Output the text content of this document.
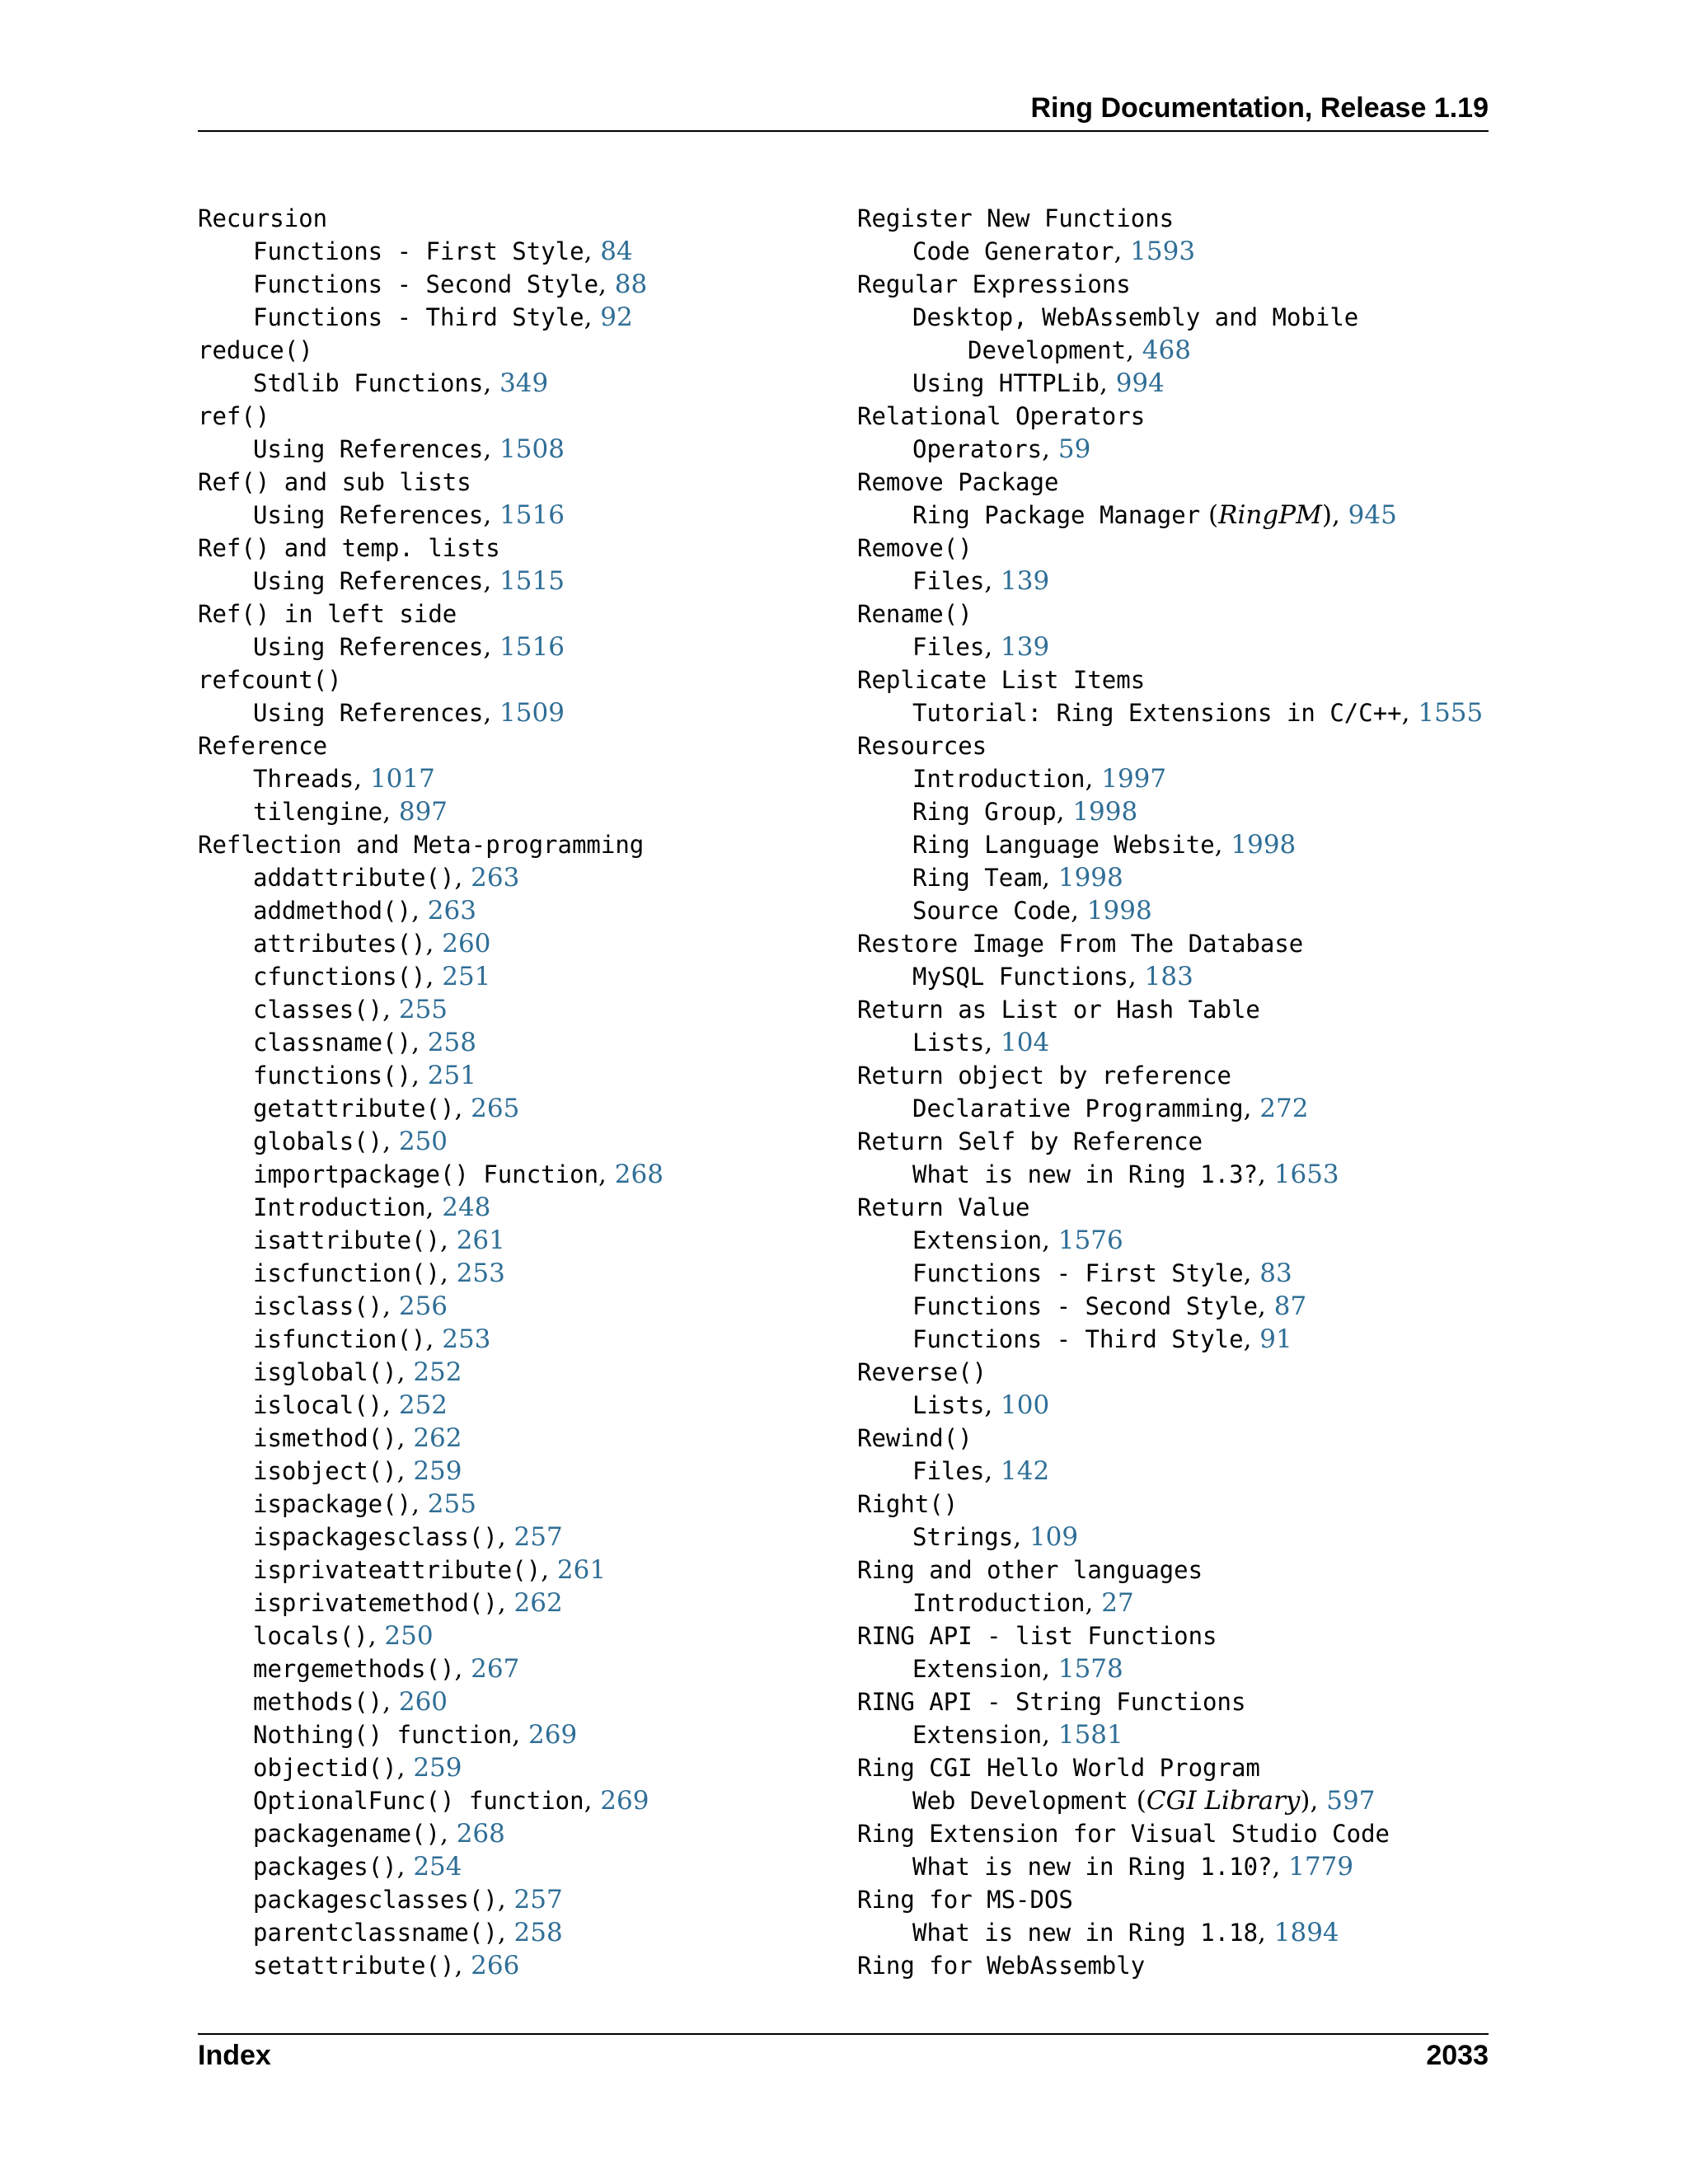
Ring Documentation, Release 1.19
Recursion
Functions - First Style, 84
Functions - Second Style, 88
Functions - Third Style, 92
reduce()
Stdlib Functions, 349
ref()
Using References, 1508
Ref() and sub lists
Using References, 1516
Ref() and temp. lists
Using References, 1515
Ref() in left side
Using References, 1516
refcount()
Using References, 1509
Reference
Threads, 1017
tilengine, 897
Reflection and Meta-programming
addattribute(), 263
addmethod(), 263
attributes(), 260
cfunctions(), 251
classes(), 255
classname(), 258
functions(), 251
getattribute(), 265
globals(), 250
importpackage() Function, 268
Introduction, 248
isattribute(), 261
iscfunction(), 253
isclass(), 256
isfunction(), 253
isglobal(), 252
islocal(), 252
ismethod(), 262
isobject(), 259
ispackage(), 255
ispackagesclass(), 257
isprivateattribute(), 261
isprivatemethod(), 262
locals(), 250
mergemethods(), 267
methods(), 260
Nothing() function, 269
objectid(), 259
OptionalFunc() function, 269
packagename(), 268
packages(), 254
packagesclasses(), 257
parentclassname(), 258
setattribute(), 266
Register New Functions
Code Generator, 1593
Regular Expressions
Desktop, WebAssembly and Mobile
Development, 468
Using HTTPLib, 994
Relational Operators
Operators, 59
Remove Package
Ring Package Manager (RingPM), 945
Remove()
Files, 139
Rename()
Files, 139
Replicate List Items
Tutorial: Ring Extensions in C/C++, 1555
Resources
Introduction, 1997
Ring Group, 1998
Ring Language Website, 1998
Ring Team, 1998
Source Code, 1998
Restore Image From The Database
MySQL Functions, 183
Return as List or Hash Table
Lists, 104
Return object by reference
Declarative Programming, 272
Return Self by Reference
What is new in Ring 1.3?, 1653
Return Value
Extension, 1576
Functions - First Style, 83
Functions - Second Style, 87
Functions - Third Style, 91
Reverse()
Lists, 100
Rewind()
Files, 142
Right()
Strings, 109
Ring and other languages
Introduction, 27
RING API - list Functions
Extension, 1578
RING API - String Functions
Extension, 1581
Ring CGI Hello World Program
Web Development (CGI Library), 597
Ring Extension for Visual Studio Code
What is new in Ring 1.10?, 1779
Ring for MS-DOS
What is new in Ring 1.18, 1894
Ring for WebAssembly
Index	2033
